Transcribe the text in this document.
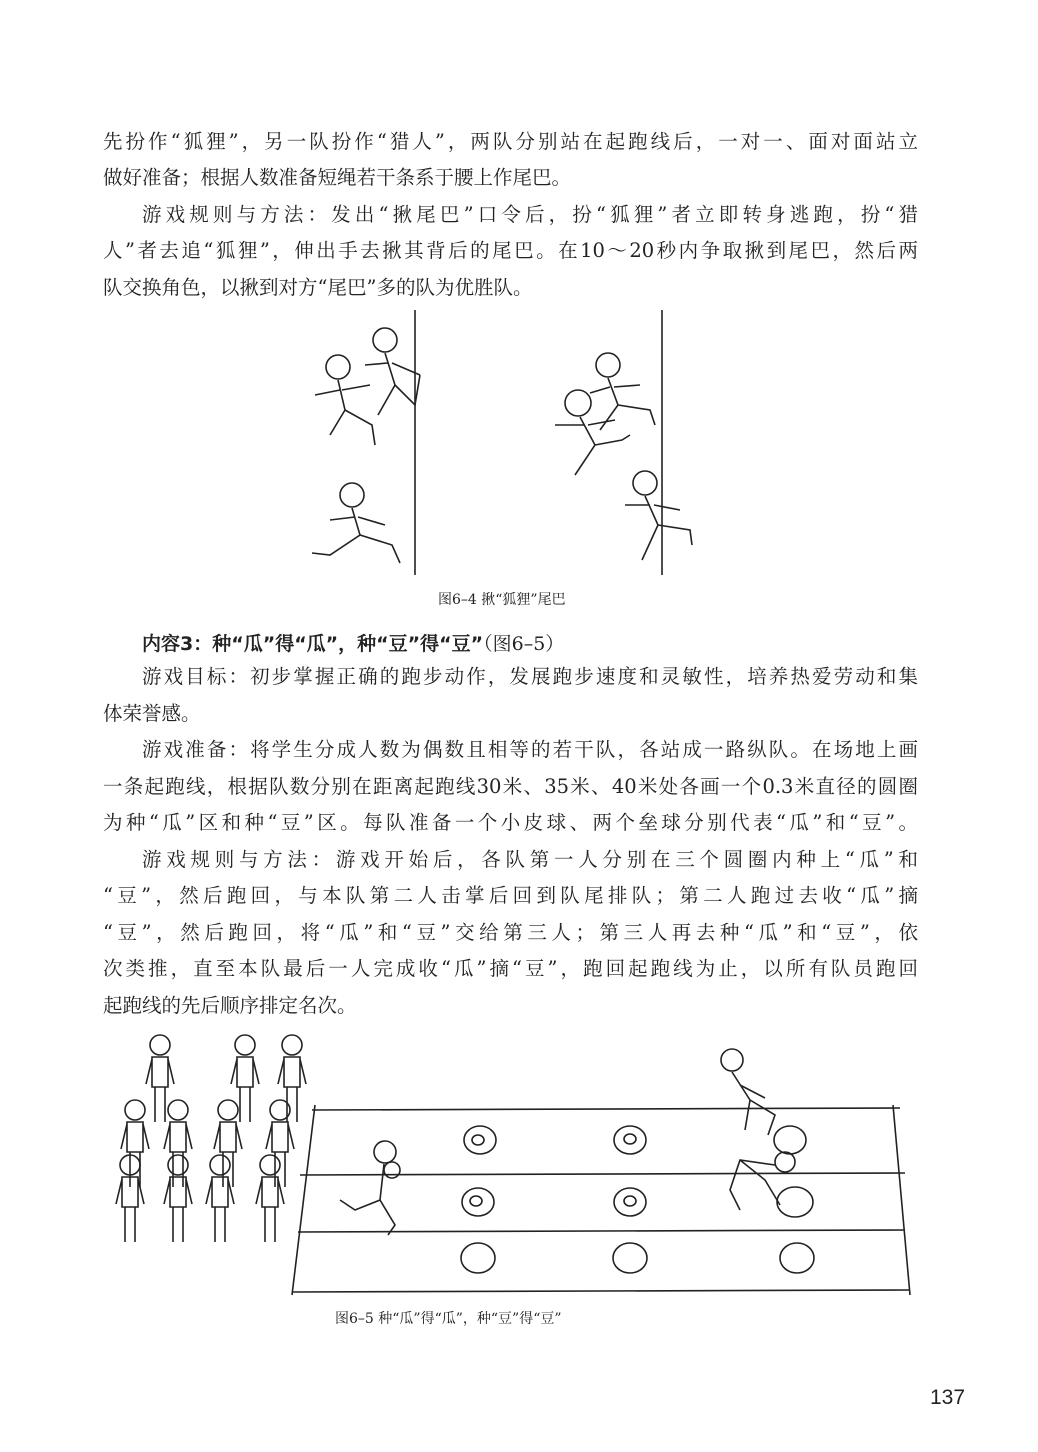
先扮作“狐狸”，另一队扮作“猎人”，两队分别站在起跑线后，一对一、面对面站立
做好准备；根据人数准备短绳若干条系于腰上作尾巴。
游戏规则与方法：发出“揪尾巴”口令后，扮“狐狸”者立即转身逃跑，扮“猎
人”者去追“狐狸”，伸出手去揪其背后的尾巴。在10～20秒内争取揪到尾巴，然后两
队交换角色，以揪到对方“尾巴”多的队为优胜队。
图6–4 揪“狐狸”尾巴
内容3：种“瓜”得“瓜”，种“豆”得“豆”（图6–5）
游戏目标：初步掌握正确的跑步动作，发展跑步速度和灵敏性，培养热爱劳动和集
体荣誉感。
游戏准备：将学生分成人数为偶数且相等的若干队，各站成一路纵队。在场地上画
一条起跑线，根据队数分别在距离起跑线30米、35米、40米处各画一个0.3米直径的圆圈
为种“瓜”区和种“豆”区。每队准备一个小皮球、两个垒球分别代表“瓜”和“豆”。
游戏规则与方法：游戏开始后，各队第一人分别在三个圆圈内种上“瓜”和
“豆”，然后跑回，与本队第二人击掌后回到队尾排队；第二人跑过去收“瓜”摘
“豆”，然后跑回，将“瓜”和“豆”交给第三人；第三人再去种“瓜”和“豆”，依
次类推，直至本队最后一人完成收“瓜”摘“豆”，跑回起跑线为止，以所有队员跑回
起跑线的先后顺序排定名次。
图6–5 种“瓜”得“瓜”，种“豆”得“豆”
137
